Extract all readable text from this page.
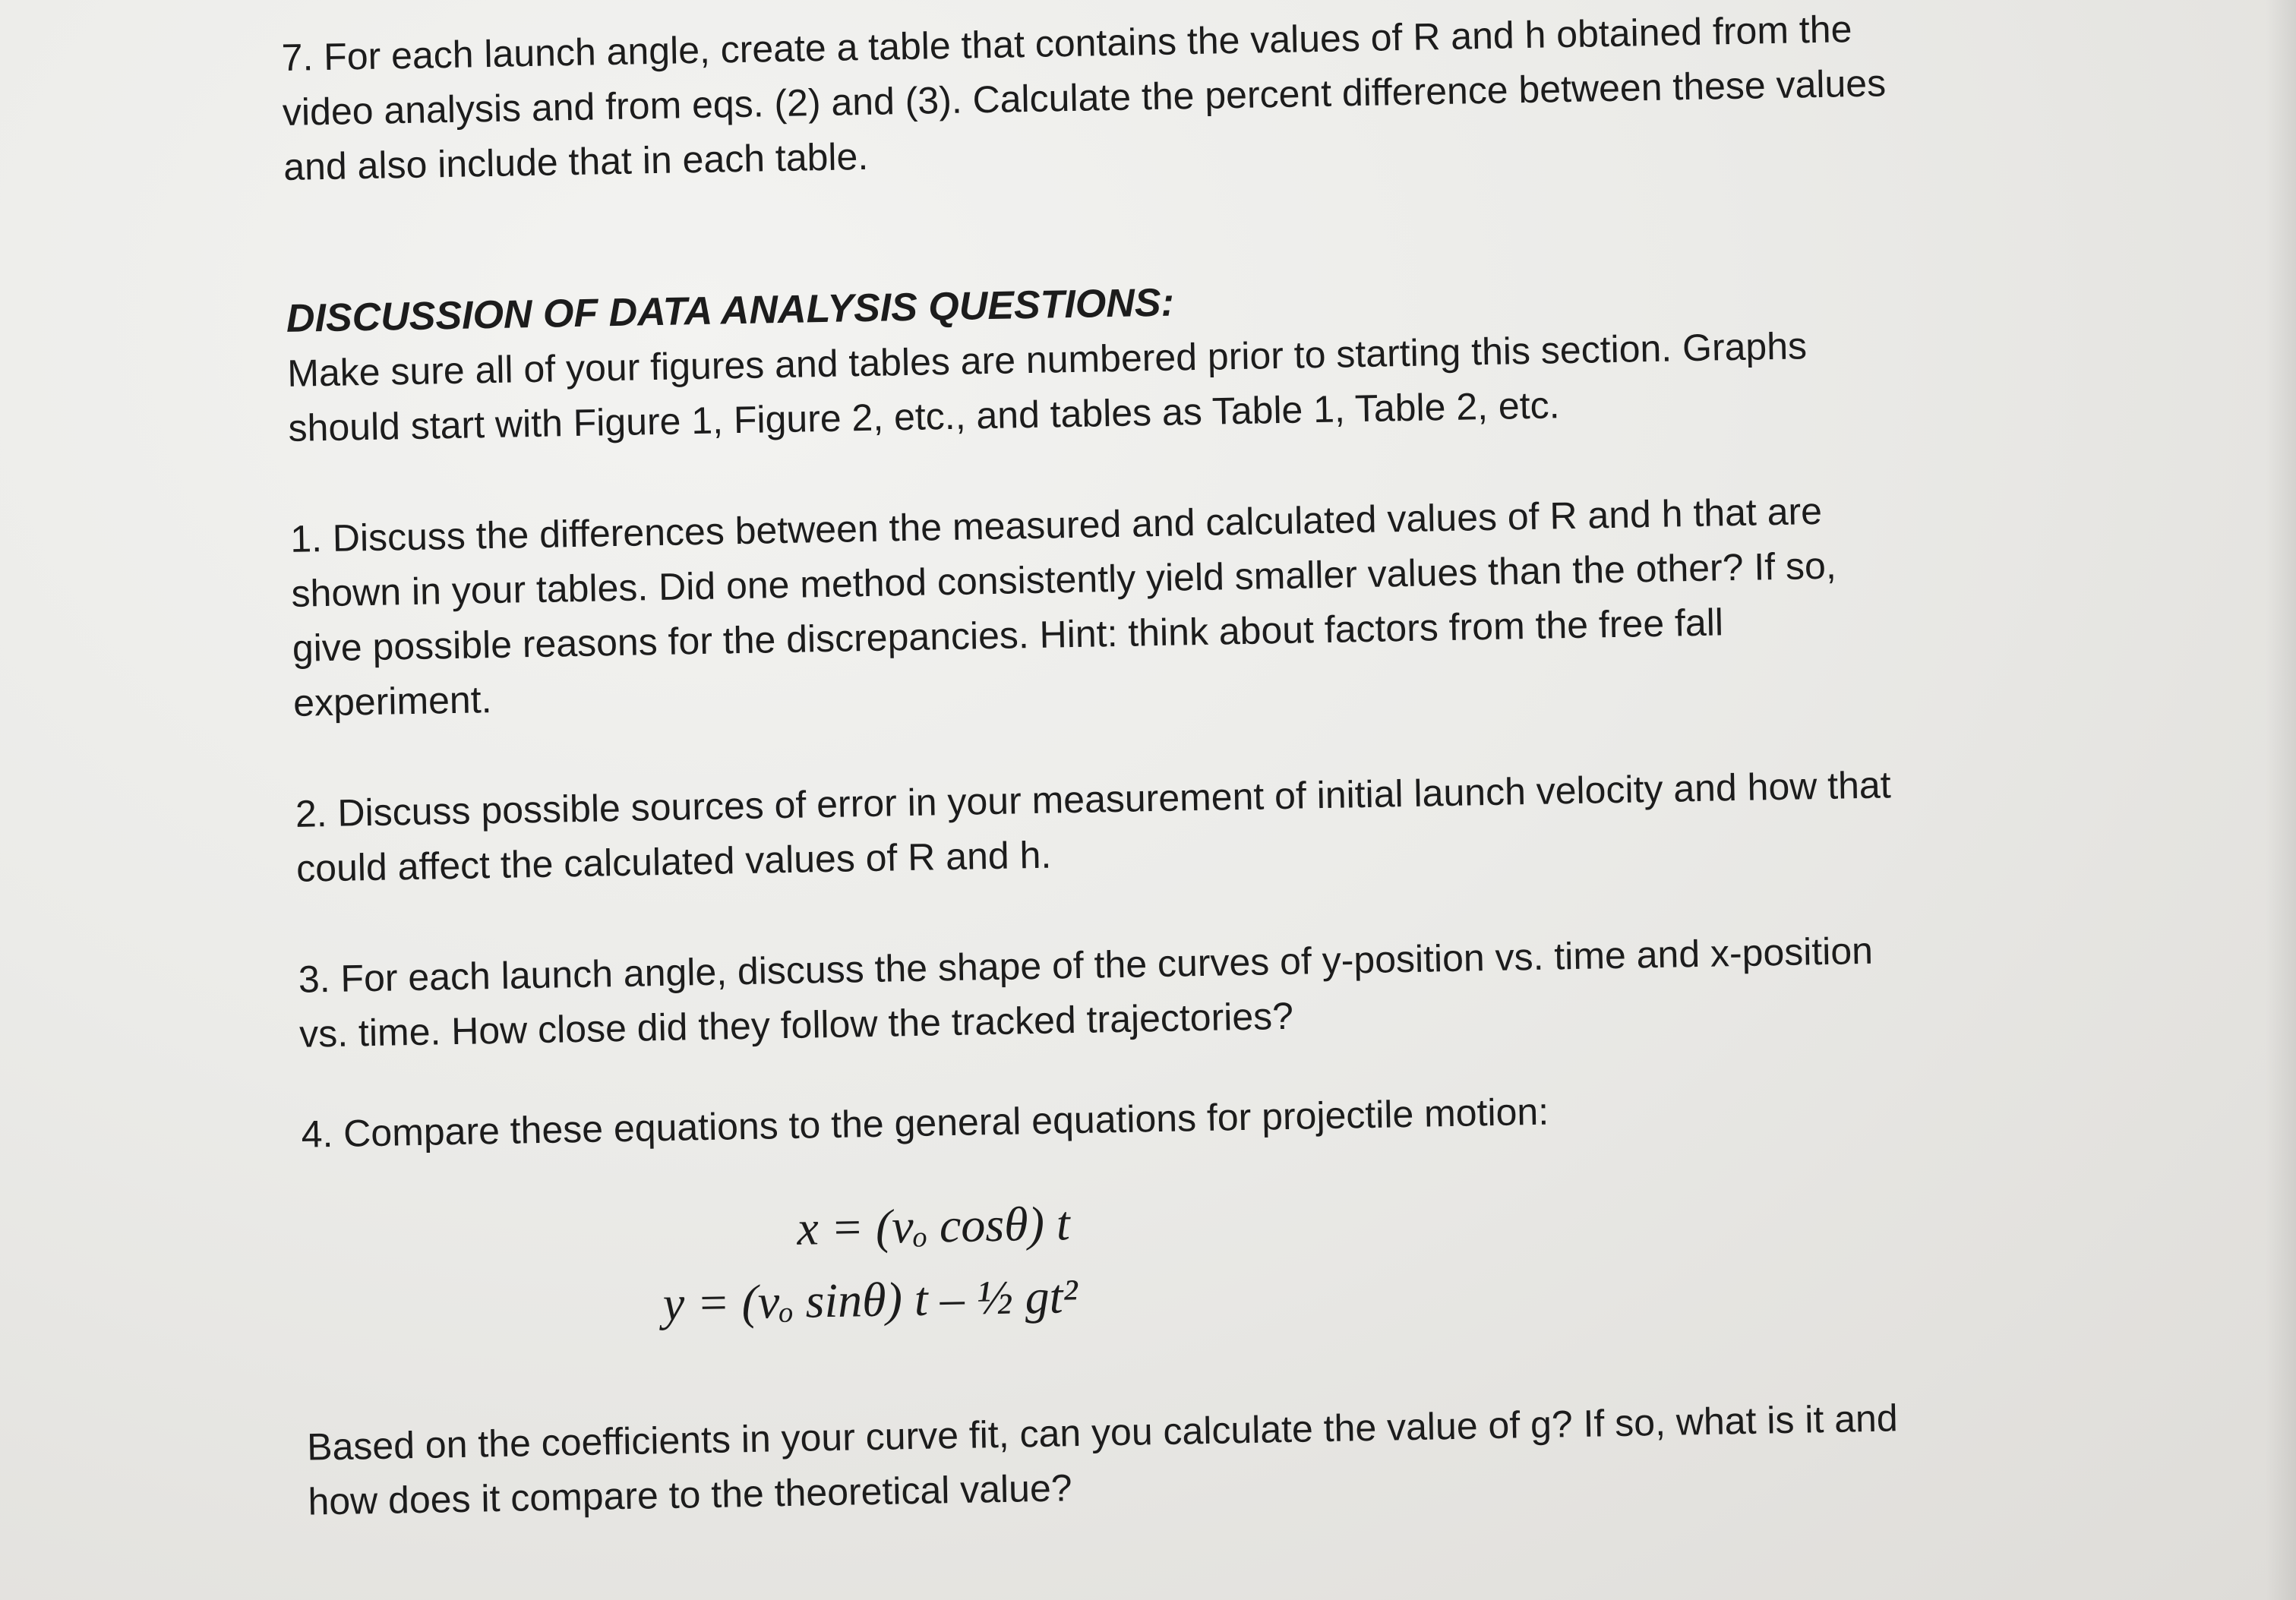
7. For each launch angle, create a table that contains the values of R and h obtained from the
video analysis and from eqs. (2) and (3). Calculate the percent difference between these values
and also include that in each table.

DISCUSSION OF DATA ANALYSIS QUESTIONS:

Make sure all of your figures and tables are numbered prior to starting this section. Graphs
should start with Figure 1, Figure 2, etc., and tables as Table 1, Table 2, etc.

1. Discuss the differences between the measured and calculated values of R and h that are
shown in your tables. Did one method consistently yield smaller values than the other? If so,
give possible reasons for the discrepancies. Hint: think about factors from the free fall
experiment.

2. Discuss possible sources of error in your measurement of initial launch velocity and how that
could affect the calculated values of R and h.

3. For each launch angle, discuss the shape of the curves of y-position vs. time and x-position
vs. time. How close did they follow the tracked trajectories?

4. Compare these equations to the general equations for projectile motion:

x = (vₒ cosθ) t
y = (vₒ sinθ) t – ½ gt²

Based on the coefficients in your curve fit, can you calculate the value of g? If so, what is it and
how does it compare to the theoretical value?
